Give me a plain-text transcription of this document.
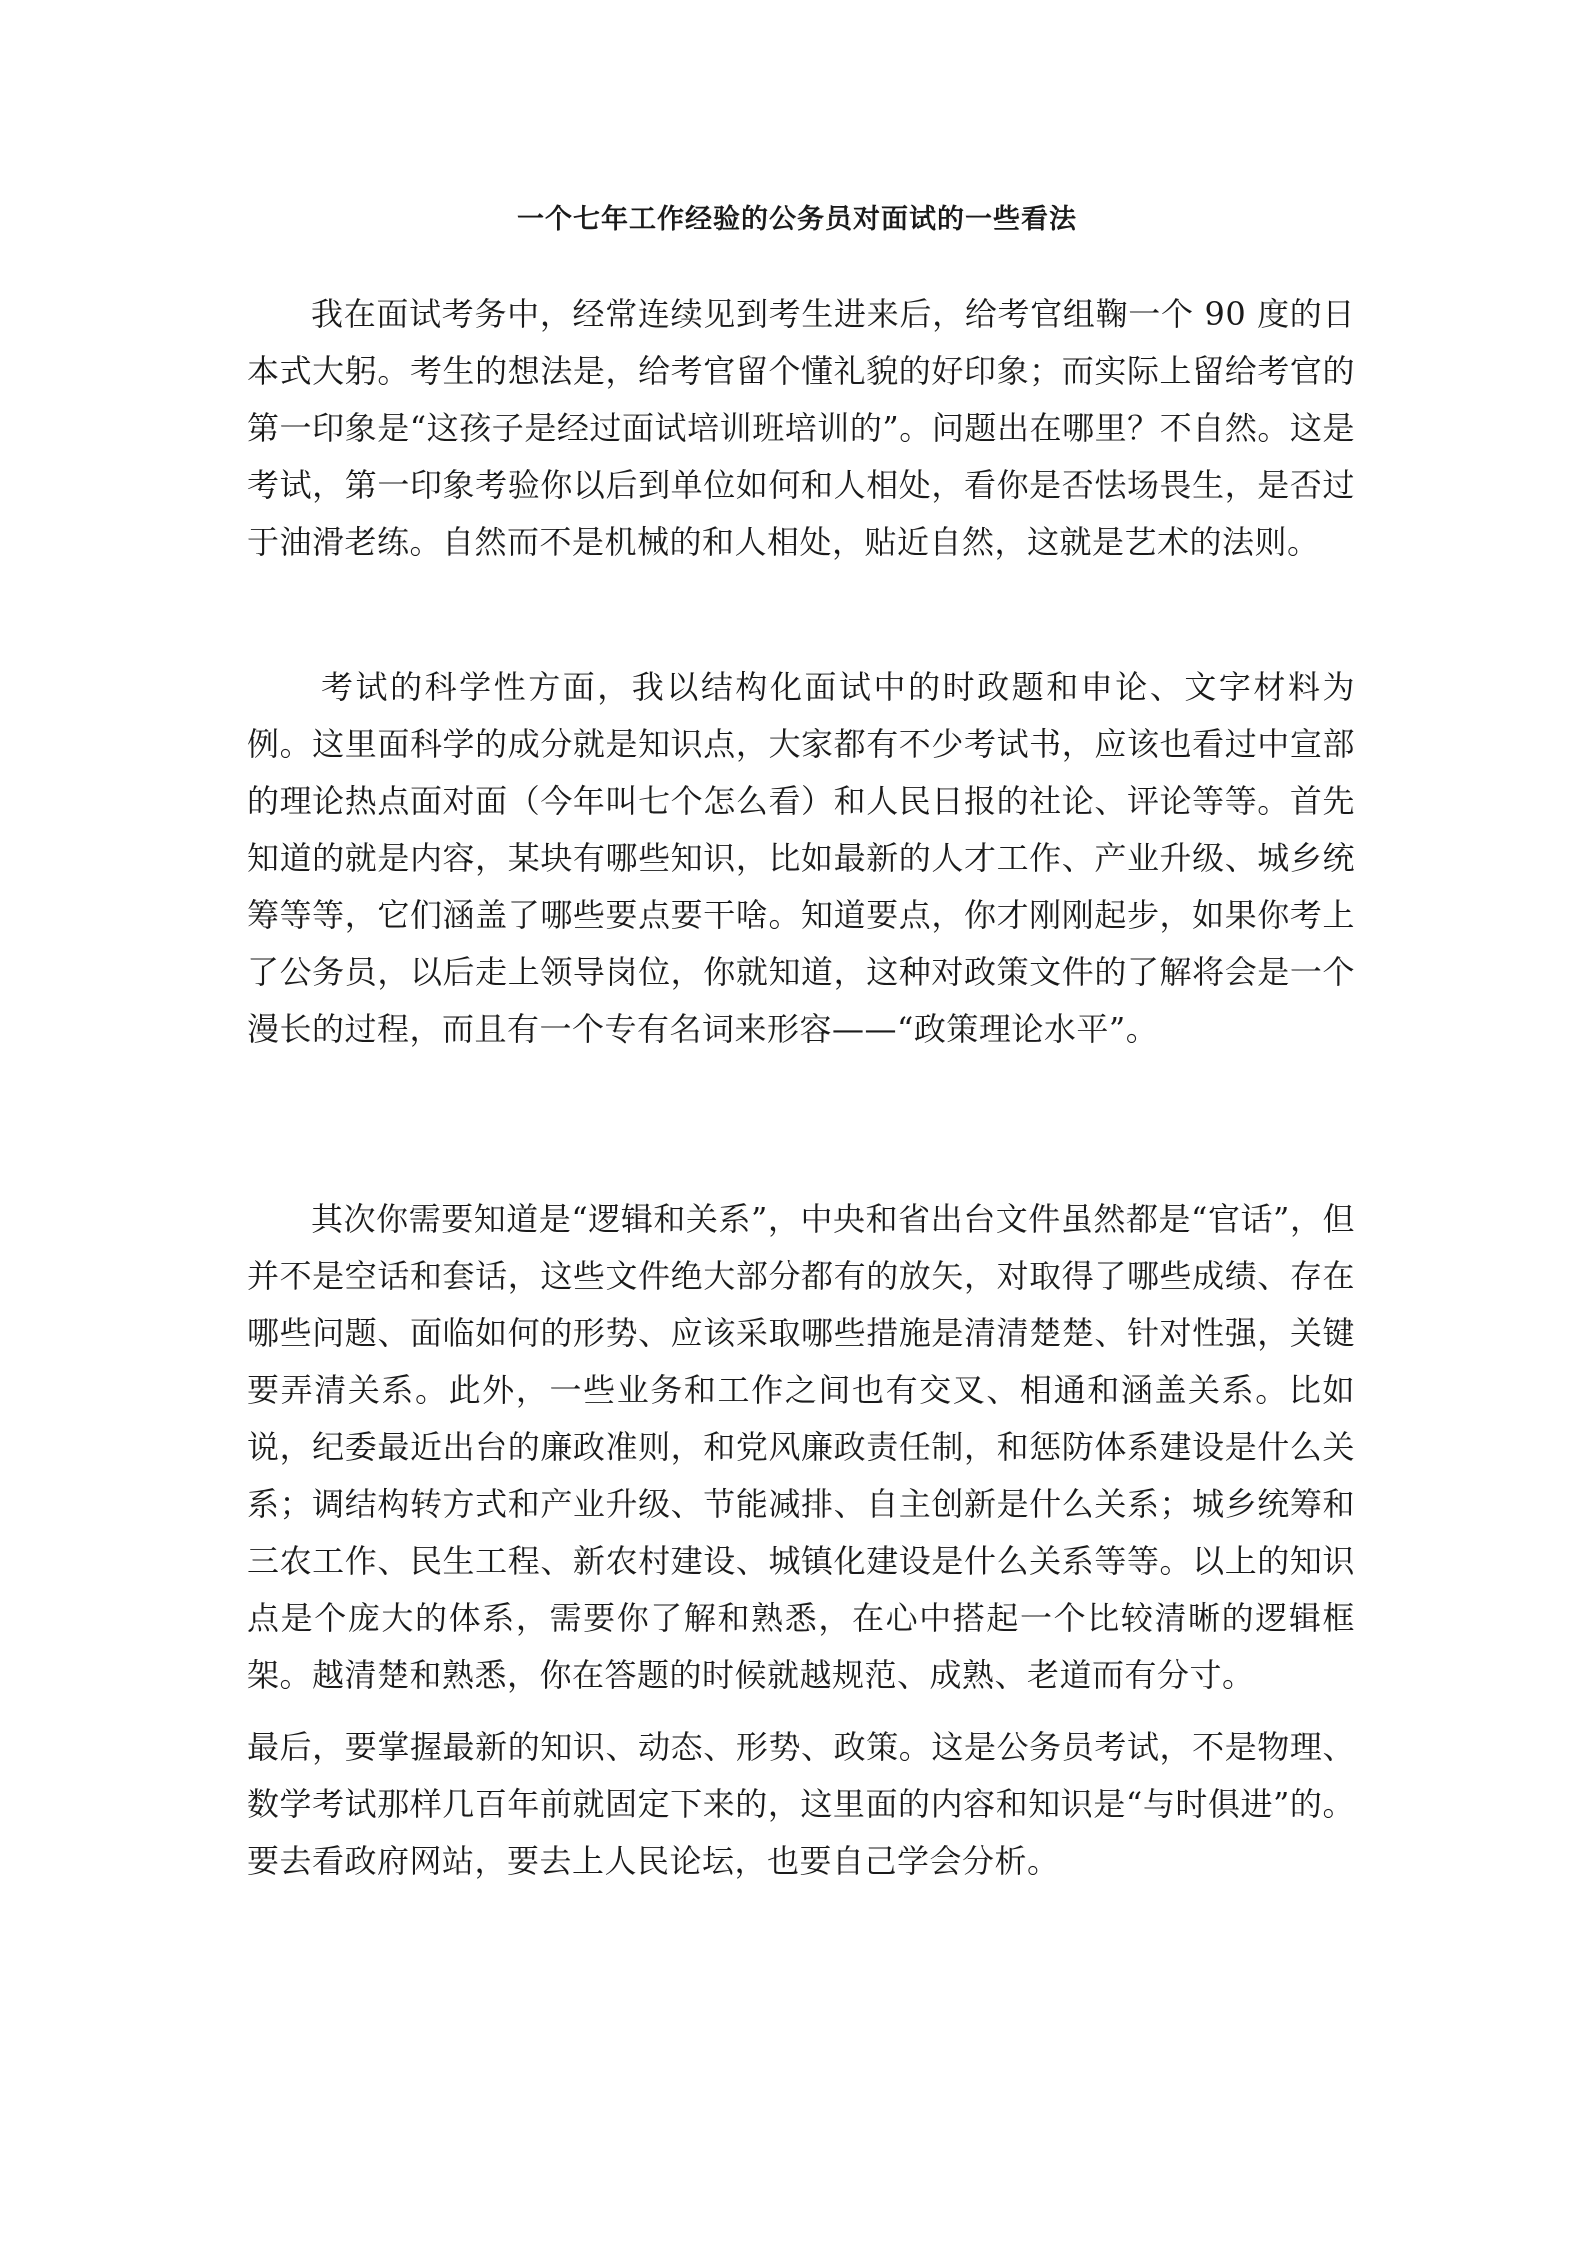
一个七年工作经验的公务员对面试的一些看法

我在面试考务中，经常连续见到考生进来后，给考官组鞠一个 90 度的日本式大躬。考生的想法是，给考官留个懂礼貌的好印象；而实际上留给考官的第一印象是“这孩子是经过面试培训班培训的”。问题出在哪里？不自然。这是考试，第一印象考验你以后到单位如何和人相处，看你是否怯场畏生，是否过于油滑老练。自然而不是机械的和人相处，贴近自然，这就是艺术的法则。

考试的科学性方面，我以结构化面试中的时政题和申论、文字材料为例。这里面科学的成分就是知识点，大家都有不少考试书，应该也看过中宣部的理论热点面对面（今年叫七个怎么看）和人民日报的社论、评论等等。首先知道的就是内容，某块有哪些知识，比如最新的人才工作、产业升级、城乡统筹等等，它们涵盖了哪些要点要干啥。知道要点，你才刚刚起步，如果你考上了公务员，以后走上领导岗位，你就知道，这种对政策文件的了解将会是一个漫长的过程，而且有一个专有名词来形容——“政策理论水平”。

其次你需要知道是“逻辑和关系”，中央和省出台文件虽然都是“官话”，但并不是空话和套话，这些文件绝大部分都有的放矢，对取得了哪些成绩、存在哪些问题、面临如何的形势、应该采取哪些措施是清清楚楚、针对性强，关键要弄清关系。此外，一些业务和工作之间也有交叉、相通和涵盖关系。比如说，纪委最近出台的廉政准则，和党风廉政责任制，和惩防体系建设是什么关系；调结构转方式和产业升级、节能减排、自主创新是什么关系；城乡统筹和三农工作、民生工程、新农村建设、城镇化建设是什么关系等等。以上的知识点是个庞大的体系，需要你了解和熟悉，在心中搭起一个比较清晰的逻辑框架。越清楚和熟悉，你在答题的时候就越规范、成熟、老道而有分寸。

最后，要掌握最新的知识、动态、形势、政策。这是公务员考试，不是物理、数学考试那样几百年前就固定下来的，这里面的内容和知识是“与时俱进”的。要去看政府网站，要去上人民论坛，也要自己学会分析。
